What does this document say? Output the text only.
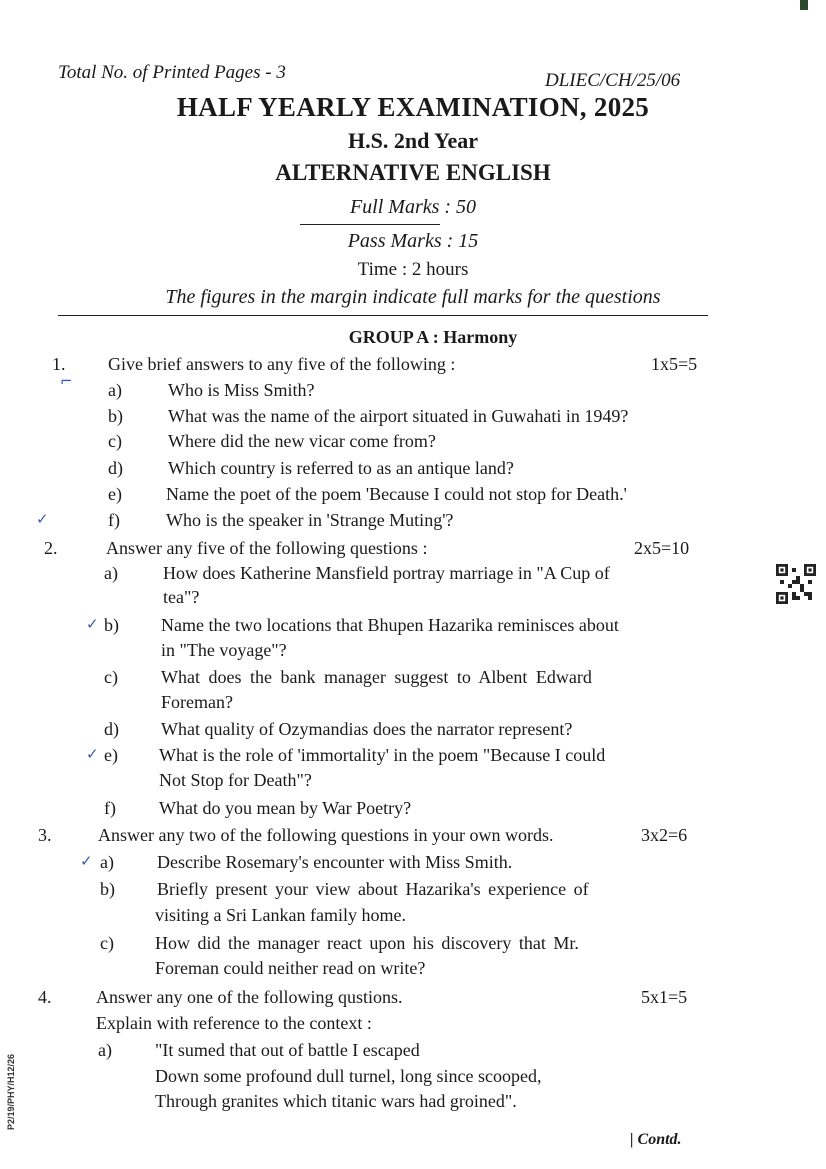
Total No. of Printed Pages - 3	DLIEC/CH/25/06
HALF YEARLY EXAMINATION, 2025
H.S. 2nd Year
ALTERNATIVE ENGLISH
Full Marks : 50
Pass Marks : 15
Time : 2 hours
The figures in the margin indicate full marks for the questions
GROUP A : Harmony
1. Give brief answers to any five of the following :	1x5=5
⌐ a)	Who is Miss Smith?
b)	What was the name of the airport situated in Guwahati in 1949?
c)	Where did the new vicar come from?
d)	Which country is referred to as an antique land?
e) Name the poet of the poem 'Because I could not stop for Death.'
✓	f)	Who is the speaker in 'Strange Muting'?
2.	Answer any five of the following questions :	2x5=10
a)	How does Katherine Mansfield portray marriage in "A Cup of
tea"?
✓ b) Name the two locations that Bhupen Hazarika reminisces about
in "The voyage"?
c) What does the bank manager suggest to Albent Edward
Foreman?
d) What quality of Ozymandias does the narrator represent?
✓ e) What is the role of 'immortality' in the poem "Because I could
Not Stop for Death"?
f) What do you mean by War Poetry?
3.	Answer any two of the following questions in your own words.	3x2=6
✓ a) Describe Rosemary's encounter with Miss Smith.
b) Briefly present your view about Hazarika's experience of
visiting a Sri Lankan family home.
c) How did the manager react upon his discovery that Mr.
Foreman could neither read on write?
4. Answer any one of the following qustions.	5x1=5
Explain with reference to the context :
a) "It sumed that out of battle I escaped
Down some profound dull turnel, long since scooped,
Through granites which titanic wars had groined".
| Contd.
P2/19/PHY/H12/26
